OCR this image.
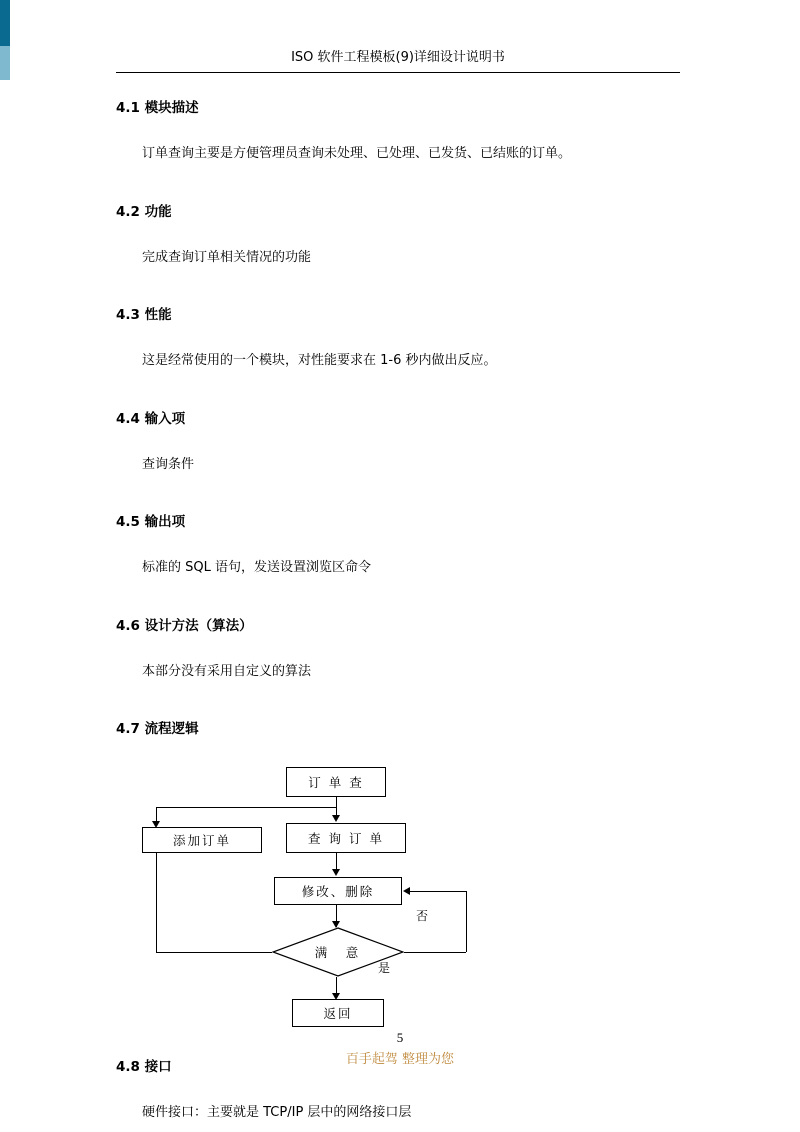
ISO 软件工程模板(9)详细设计说明书
4.1 模块描述

订单查询主要是方便管理员查询未处理、已处理、已发货、已结账的订单。

4.2 功能

完成查询订单相关情况的功能

4.3 性能

这是经常使用的一个模块，对性能要求在 1-6 秒内做出反应。

4.4 输入项

查询条件

4.5 输出项

标准的 SQL 语句，发送设置浏览区命令

4.6 设计方法（算法）

本部分没有采用自定义的算法

4.7 流程逻辑
订 单 查
查 询 订 单
添加订单
修改、删除
满　意
否
是
返回
4.8 接口

硬件接口：主要就是 TCP/IP 层中的网络接口层

5
百手起驾 整理为您
